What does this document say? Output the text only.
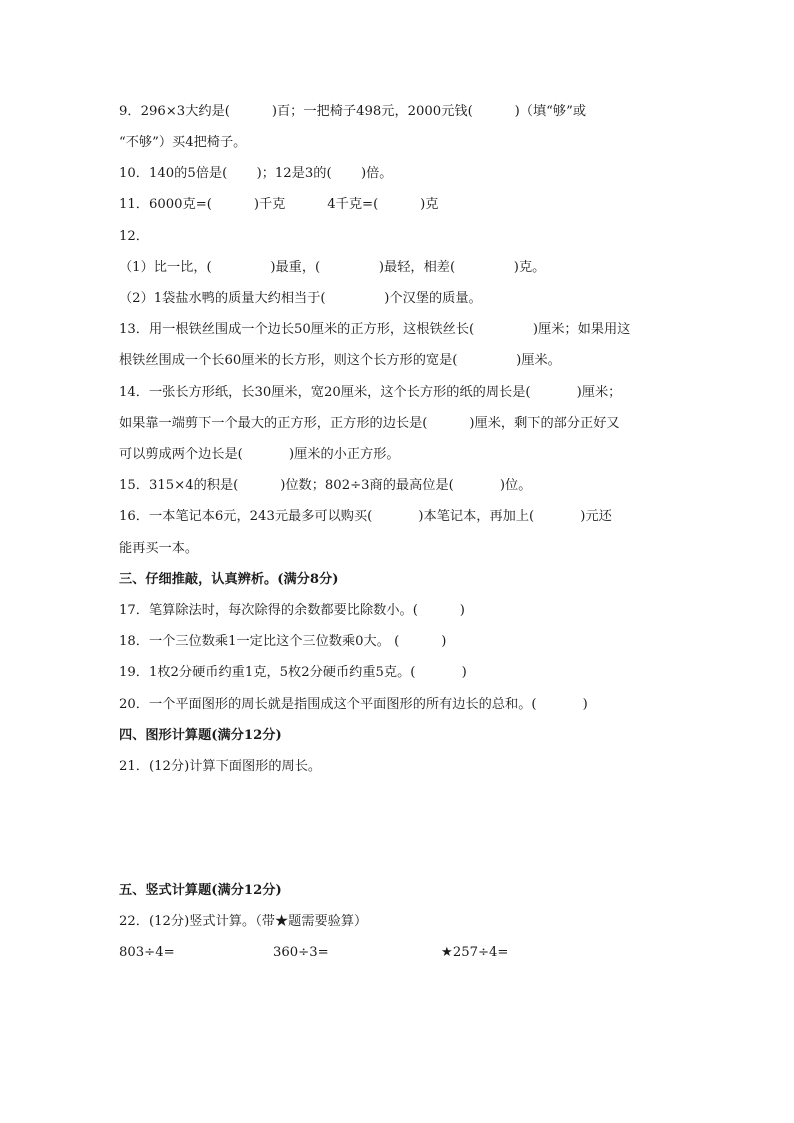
9．296×3大约是(          )百；一把椅子498元，2000元钱(          )（填“够”或
“不够”）买4把椅子。
10．140的5倍是(       )；12是3的(       )倍。
11．6000克=(          )千克          4千克=(          )克
12．
（1）比一比，(              )最重，(              )最轻，相差(              )克。
（2）1袋盐水鸭的质量大约相当于(              )个汉堡的质量。
13．用一根铁丝围成一个边长50厘米的正方形，这根铁丝长(              )厘米；如果用这
根铁丝围成一个长60厘米的长方形，则这个长方形的宽是(              )厘米。
14．一张长方形纸，长30厘米，宽20厘米，这个长方形的纸的周长是(           )厘米；
如果靠一端剪下一个最大的正方形，正方形的边长是(          )厘米，剩下的部分正好又
可以剪成两个边长是(           )厘米的小正方形。
15．315×4的积是(          )位数；802÷3商的最高位是(           )位。
16．一本笔记本6元，243元最多可以购买(           )本笔记本，再加上(           )元还
能再买一本。
三、仔细推敲，认真辨析。(满分8分)
17．笔算除法时，每次除得的余数都要比除数小。(          )
18．一个三位数乘1一定比这个三位数乘0大。 (          )
19．1枚2分硬币约重1克，5枚2分硬币约重5克。(           )
20．一个平面图形的周长就是指围成这个平面图形的所有边长的总和。(           )
四、图形计算题(满分12分)
21．(12分)计算下面图形的周长。
五、竖式计算题(满分12分)
22．(12分)竖式计算。（带★题需要验算）
803÷4=	360÷3=	★257÷4=
